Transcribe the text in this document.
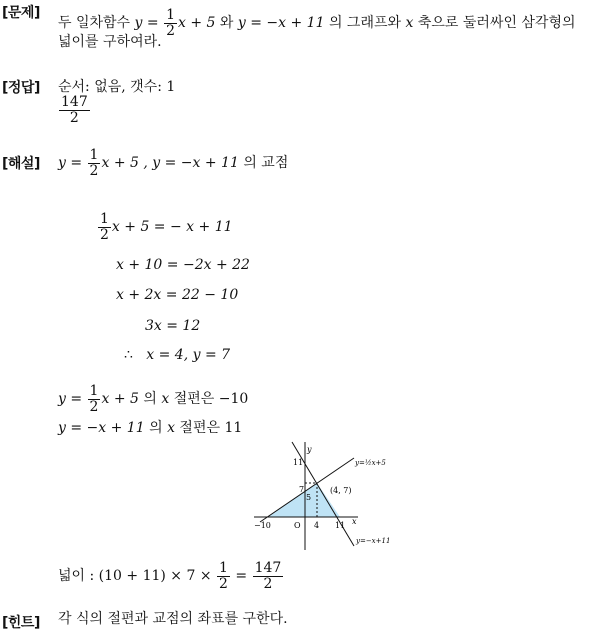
[문제]
두 일차함수 $y = \frac{1}{2}$ x + 5 와 y = −x + 11 의 그래프와 x 축으로 둘러싸인 삼각형의
넓이를 구하여라.
[정답] 순서: 없음, 갯수: 1
$\frac{147}{2}$
[해설] $y = \frac{1}{2}$ x + 5 , y = −x + 11 의 교점
$\frac{1}{2}$ x + 5 = − x + 11
x + 10 = −2x + 22
x + 2x = 22 − 10
3x = 12
∴ x = 4, y = 7
$y = \frac{1}{2}$ x + 5 의 x 절편은 −10
y = −x + 11 의 x 절편은 11
y
x
O
11
7
5
−10	4 11
(4, 7)
y=½x+5
y=−x+11
넓이 : $(10 + 11) \times 7 \times \frac{1}{2} = \frac{147}{2}$
[힌트] 각 식의 절편과 교점의 좌표를 구한다.
